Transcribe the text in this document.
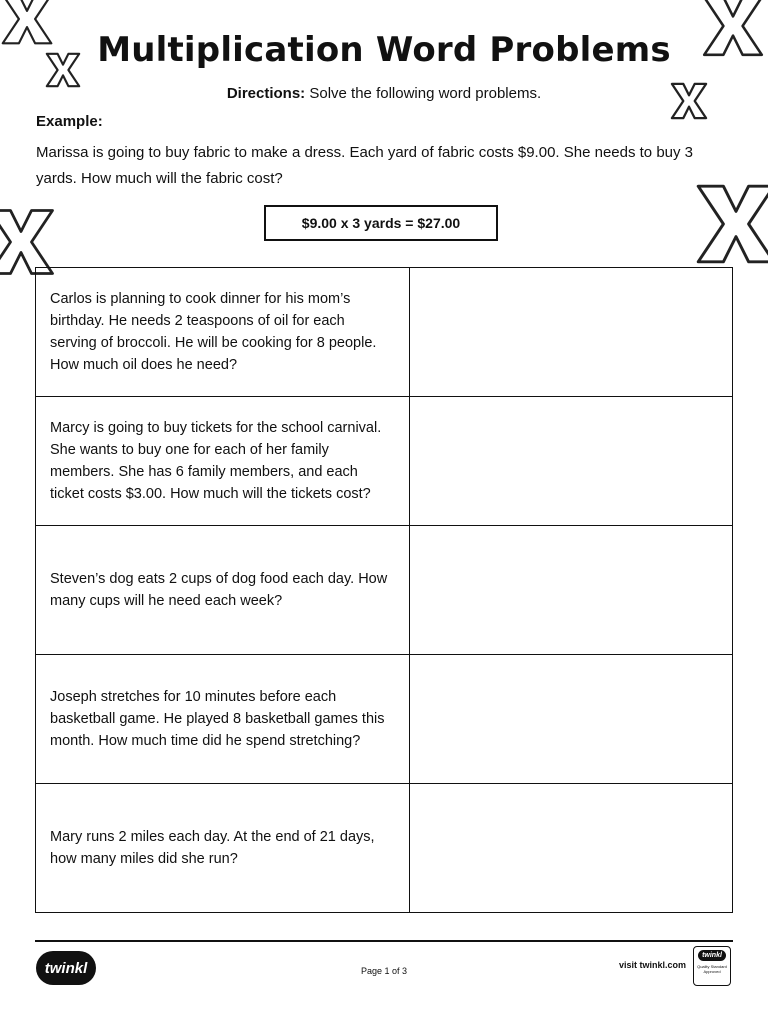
Multiplication Word Problems
Directions: Solve the following word problems.
Example:
Marissa is going to buy fabric to make a dress. Each yard of fabric costs $9.00. She needs to buy 3 yards. How much will the fabric cost?
$9.00 x 3 yards = $27.00
Carlos is planning to cook dinner for his mom’s birthday. He needs 2 teaspoons of oil for each serving of broccoli. He will be cooking for 8 people. How much oil does he need?	
Marcy is going to buy tickets for the school carnival. She wants to buy one for each of her family members. She has 6 family members, and each ticket costs $3.00. How much will the tickets cost?	
Steven’s dog eats 2 cups of dog food each day. How many cups will he need each week?	
Joseph stretches for 10 minutes before each basketball game. He played 8 basketball games this month. How much time did he spend stretching?	
Mary runs 2 miles each day. At the end of 21 days, how many miles did she run?	
twinkl	Page 1 of 3
visit twinkl.com
twinkl
Quality Standard Approved
